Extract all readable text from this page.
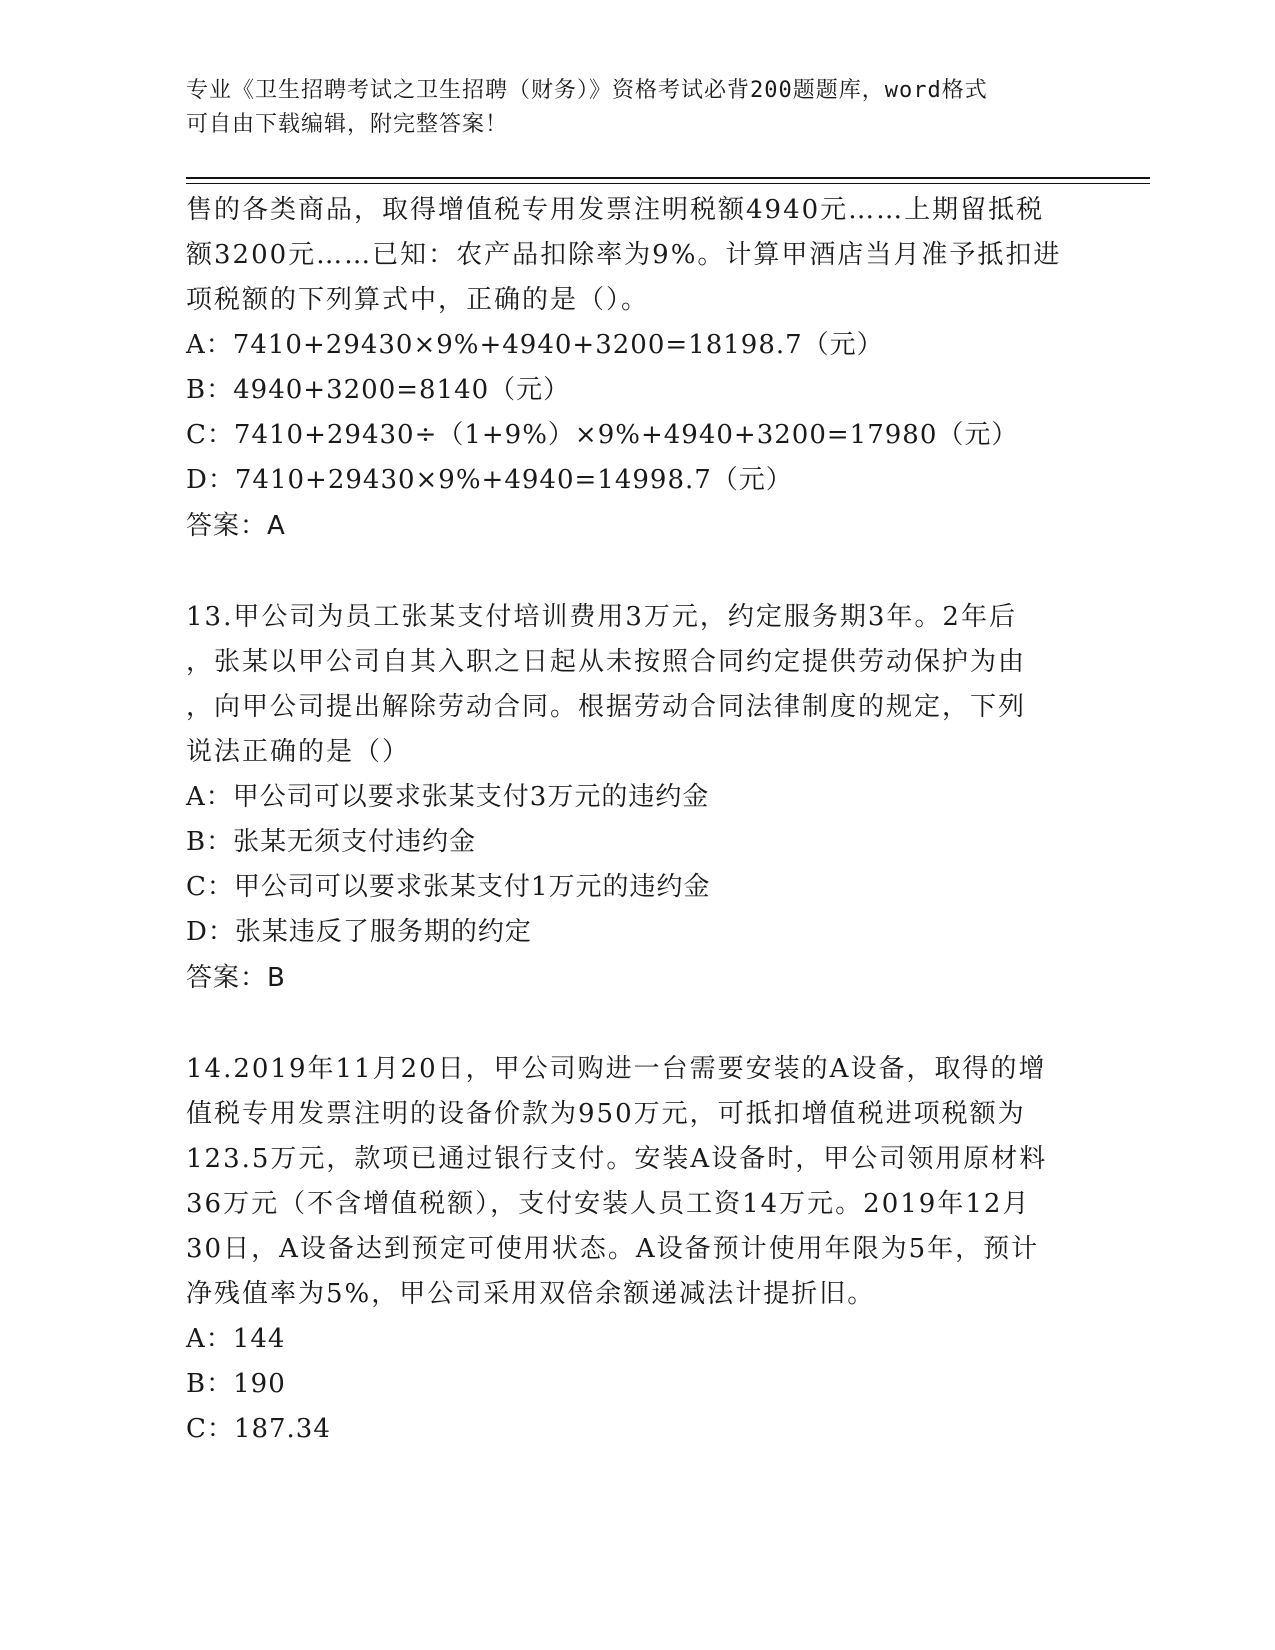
专业《卫生招聘考试之卫生招聘（财务）》资格考试必背200题题库，word格式
可自由下载编辑，附完整答案！

售的各类商品，取得增值税专用发票注明税额4940元……上期留抵税
额3200元……已知：农产品扣除率为9%。计算甲酒店当月准予抵扣进
项税额的下列算式中，正确的是（）。

A：7410+29430×9%+4940+3200=18198.7（元）
B：4940+3200=8140（元）
C：7410+29430÷（1+9%）×9%+4940+3200=17980（元）
D：7410+29430×9%+4940=14998.7（元）
答案：A

13.甲公司为员工张某支付培训费用3万元，约定服务期3年。2年后
，张某以甲公司自其入职之日起从未按照合同约定提供劳动保护为由
，向甲公司提出解除劳动合同。根据劳动合同法律制度的规定，下列
说法正确的是（）

A：甲公司可以要求张某支付3万元的违约金
B：张某无须支付违约金
C：甲公司可以要求张某支付1万元的违约金
D：张某违反了服务期的约定
答案：B

14.2019年11月20日，甲公司购进一台需要安装的A设备，取得的增
值税专用发票注明的设备价款为950万元，可抵扣增值税进项税额为
123.5万元，款项已通过银行支付。安装A设备时，甲公司领用原材料
36万元（不含增值税额），支付安装人员工资14万元。2019年12月
30日，A设备达到预定可使用状态。A设备预计使用年限为5年，预计
净残值率为5%，甲公司采用双倍余额递减法计提折旧。

A：144
B：190
C：187.34
